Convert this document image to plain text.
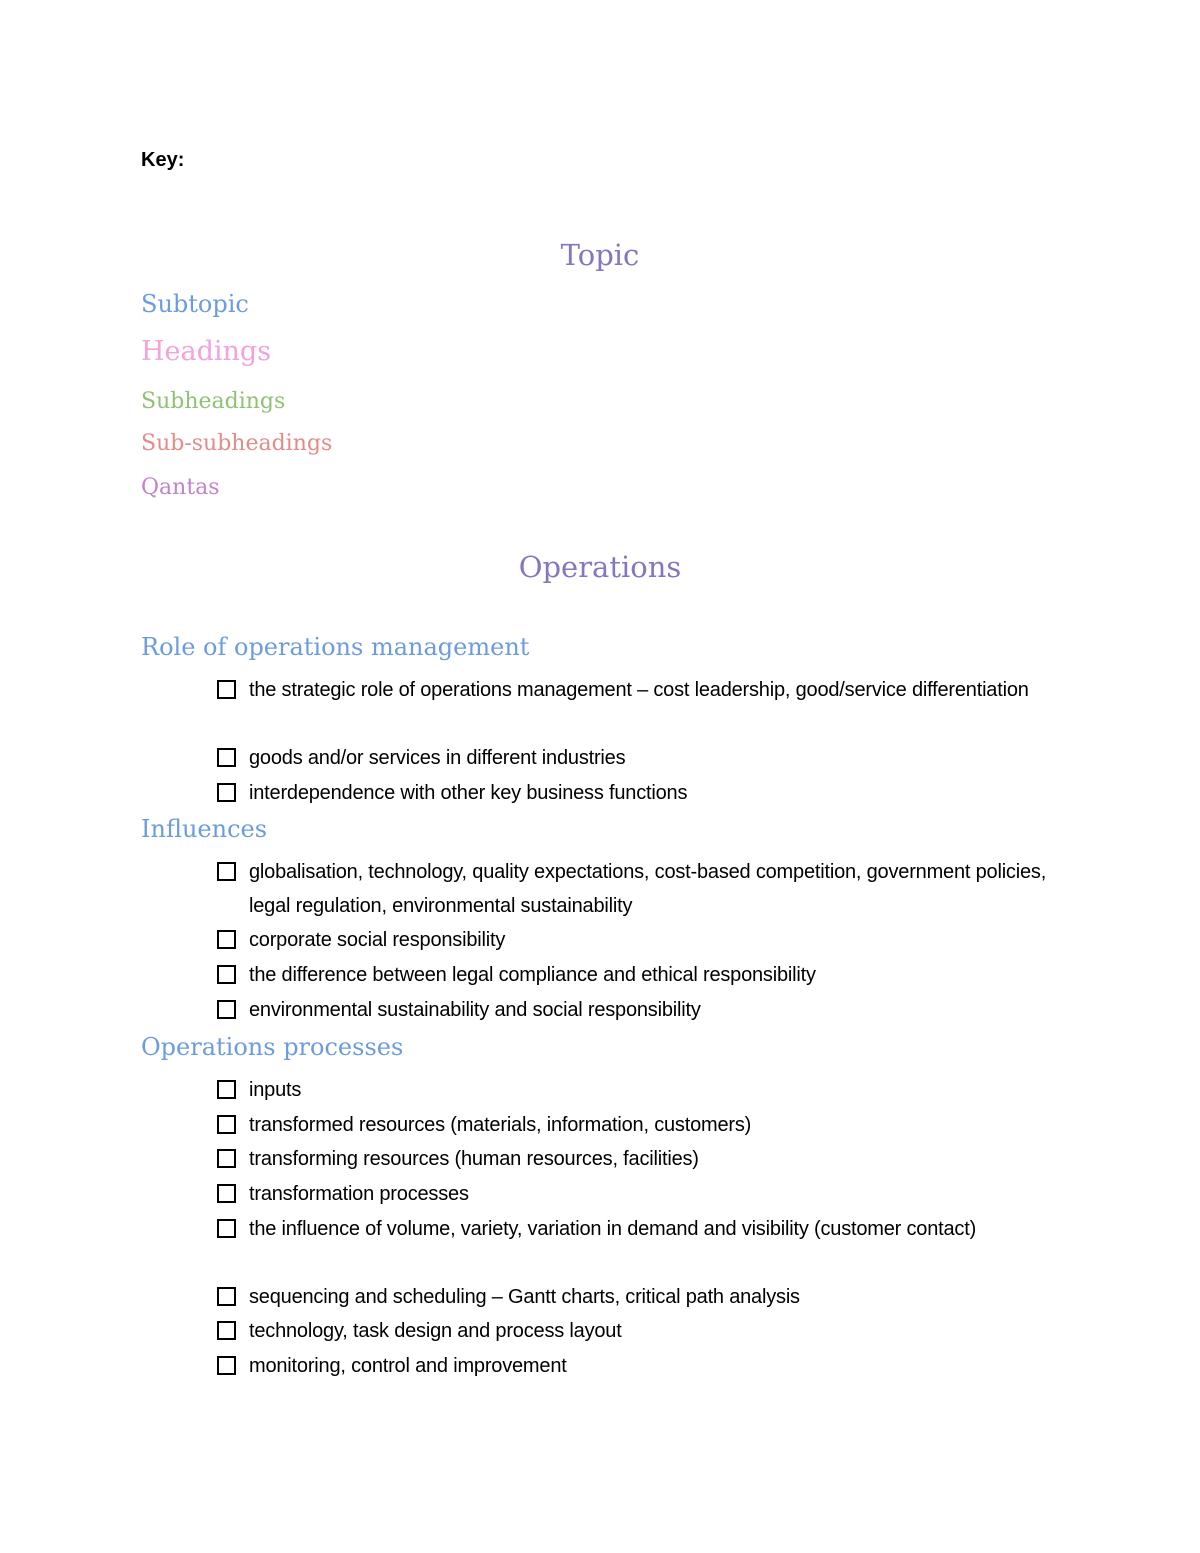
Key:
Topic
Subtopic
Headings
Subheadings
Sub-subheadings
Qantas
Operations
Role of operations management
the strategic role of operations management – cost leadership, good/service differentiation
goods and/or services in different industries
interdependence with other key business functions
Influences
globalisation, technology, quality expectations, cost-based competition, government policies, legal regulation, environmental sustainability
corporate social responsibility
the difference between legal compliance and ethical responsibility
environmental sustainability and social responsibility
Operations processes
inputs
transformed resources (materials, information, customers)
transforming resources (human resources, facilities)
transformation processes
the influence of volume, variety, variation in demand and visibility (customer contact)
sequencing and scheduling – Gantt charts, critical path analysis
technology, task design and process layout
monitoring, control and improvement
